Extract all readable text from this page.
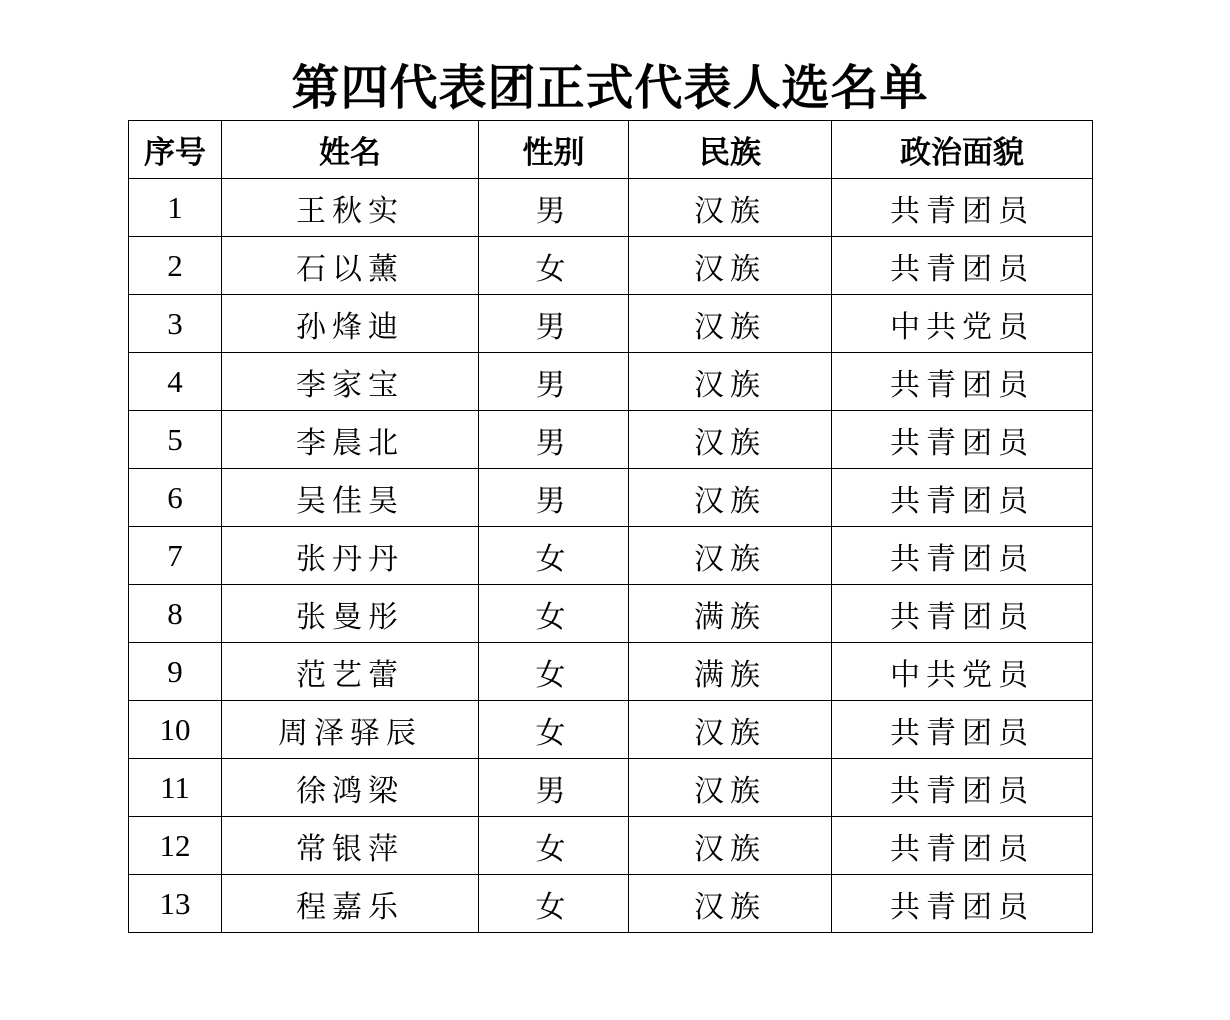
第四代表团正式代表人选名单
序号	姓名	性别	民族	政治面貌
1	王秋实	男	汉族	共青团员
2	石以薰	女	汉族	共青团员
3	孙烽迪	男	汉族	中共党员
4	李家宝	男	汉族	共青团员
5	李晨北	男	汉族	共青团员
6	吴佳昊	男	汉族	共青团员
7	张丹丹	女	汉族	共青团员
8	张曼彤	女	满族	共青团员
9	范艺蕾	女	满族	中共党员
10	周泽驿辰	女	汉族	共青团员
11	徐鸿梁	男	汉族	共青团员
12	常银萍	女	汉族	共青团员
13	程嘉乐	女	汉族	共青团员
